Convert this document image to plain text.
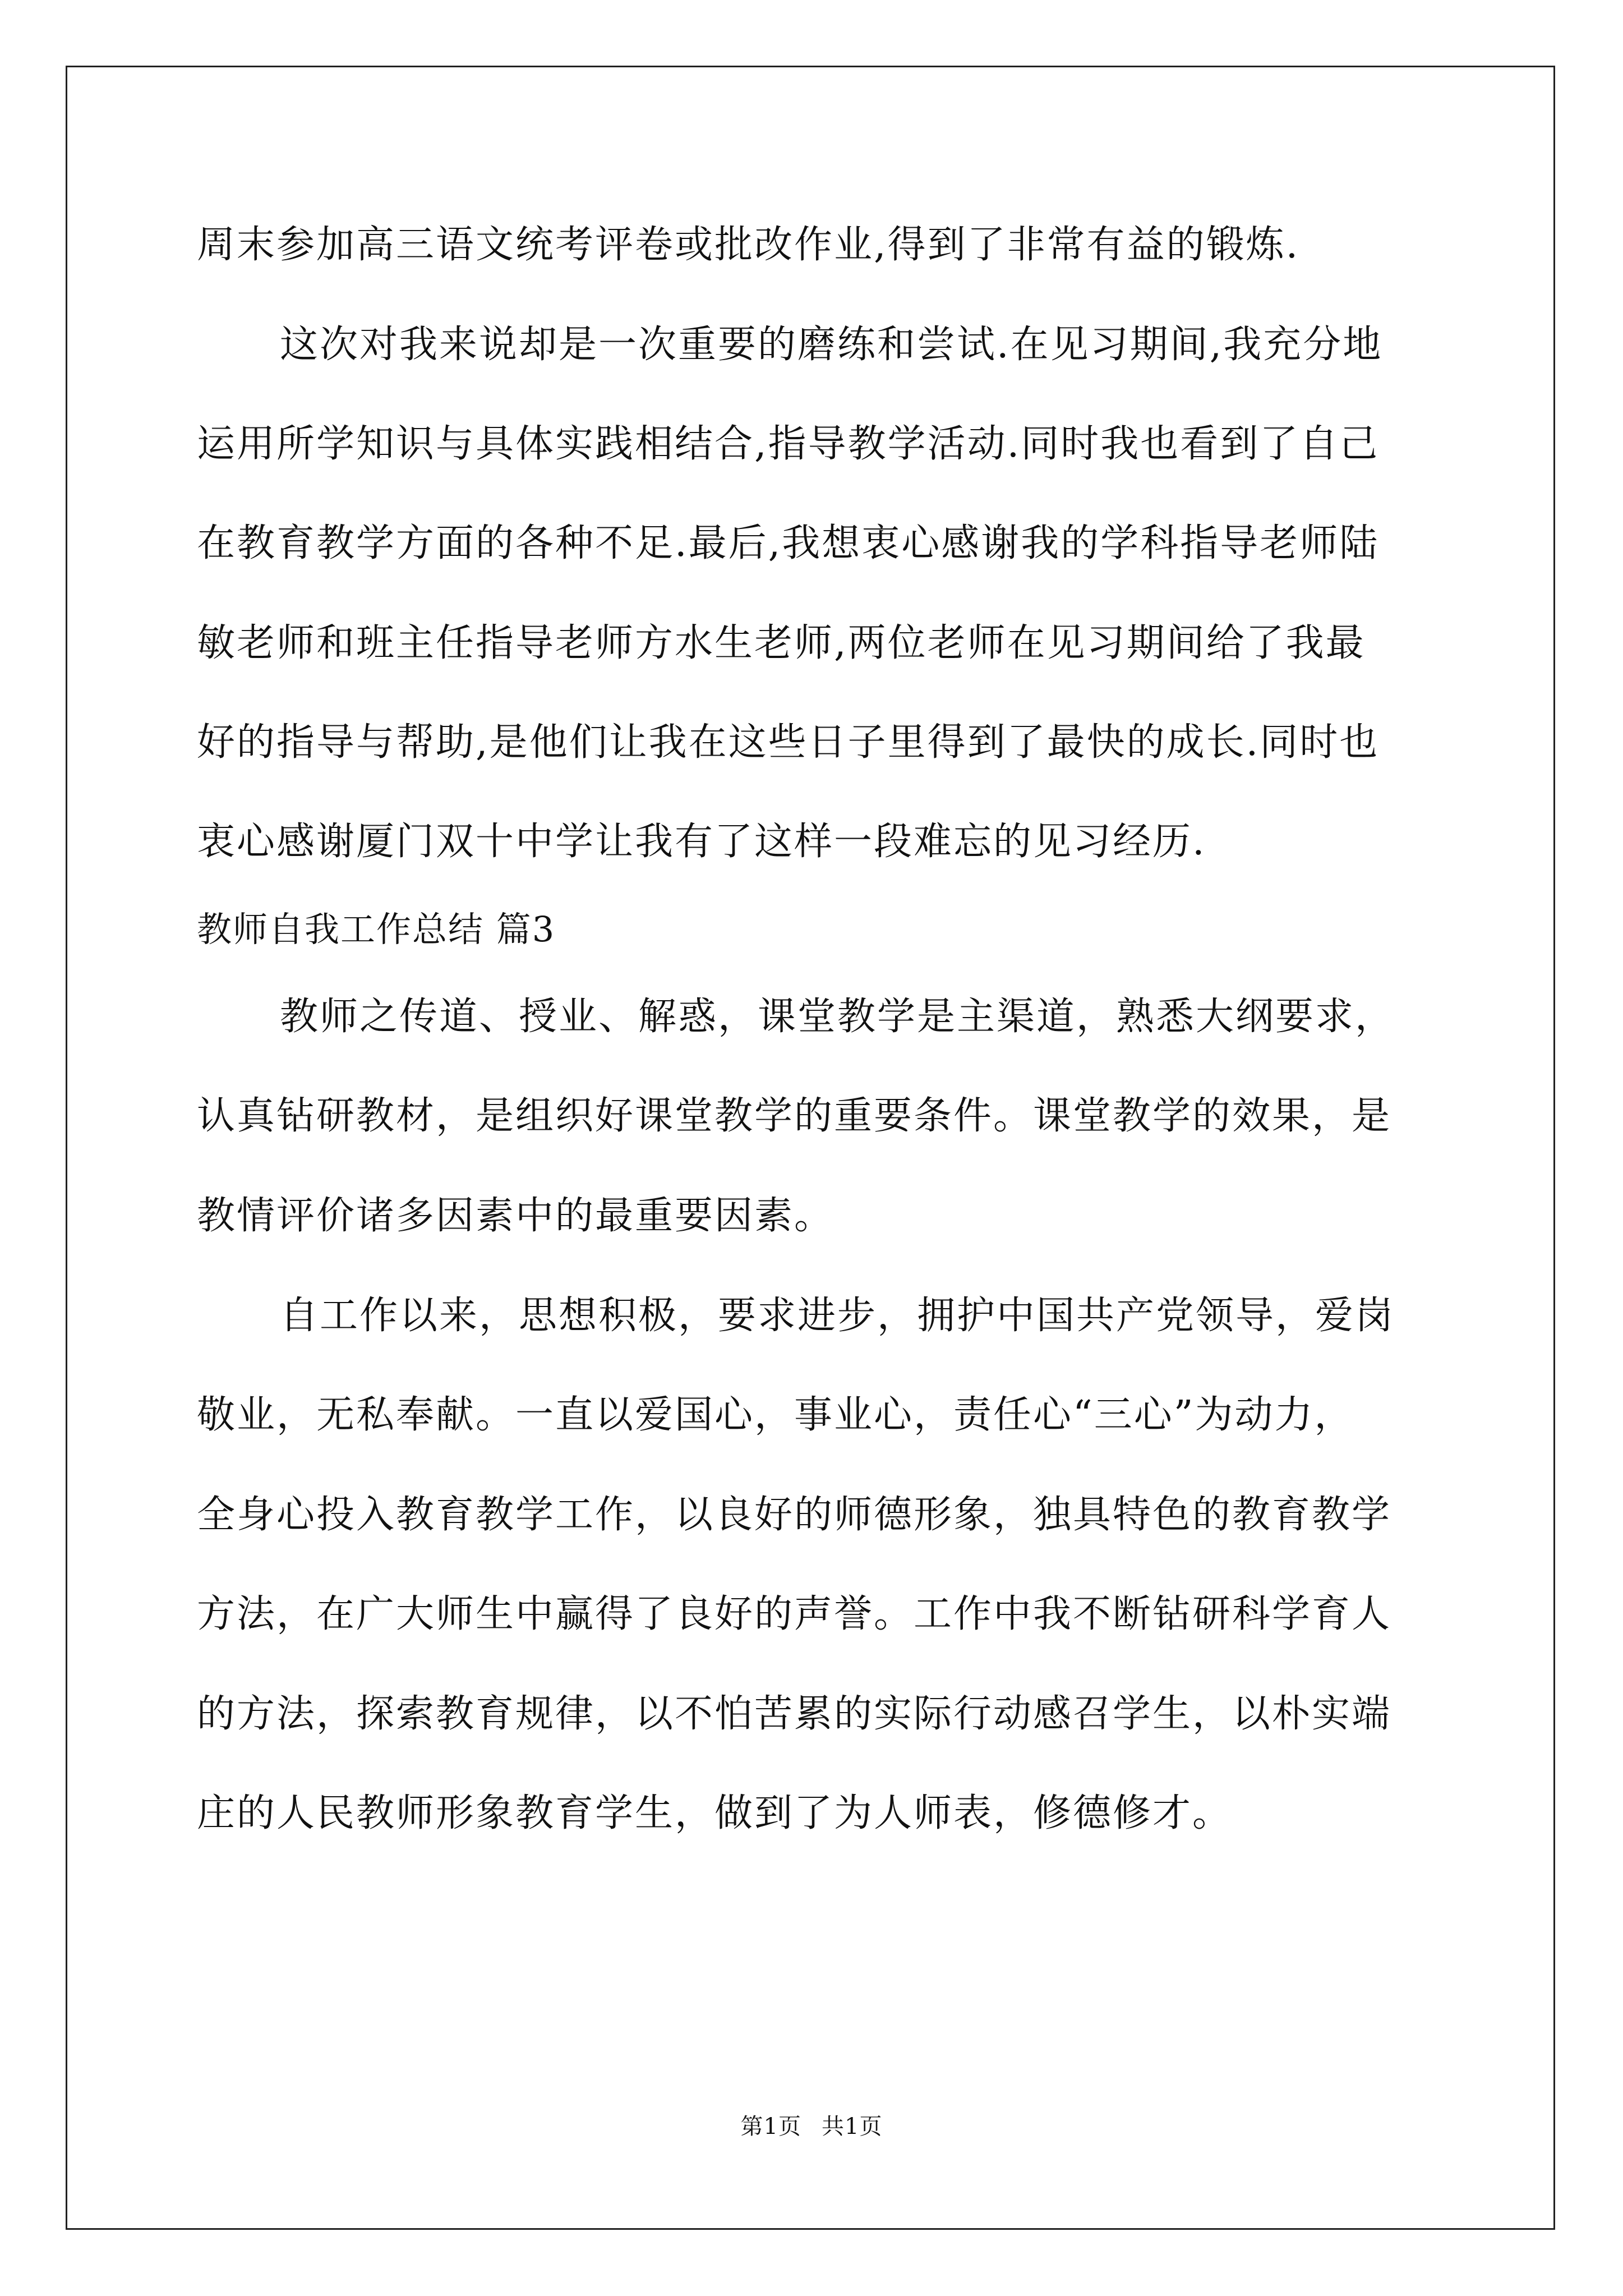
周末参加高三语文统考评卷或批改作业,得到了非常有益的锻炼.
这次对我来说却是一次重要的磨练和尝试.在见习期间,我充分地
运用所学知识与具体实践相结合,指导教学活动.同时我也看到了自己
在教育教学方面的各种不足.最后,我想衷心感谢我的学科指导老师陆
敏老师和班主任指导老师方水生老师,两位老师在见习期间给了我最
好的指导与帮助,是他们让我在这些日子里得到了最快的成长.同时也
衷心感谢厦门双十中学让我有了这样一段难忘的见习经历.
教师自我工作总结 篇3
教师之传道、授业、解惑，课堂教学是主渠道，熟悉大纲要求，
认真钻研教材，是组织好课堂教学的重要条件。课堂教学的效果，是
教情评价诸多因素中的最重要因素。
自工作以来，思想积极，要求进步，拥护中国共产党领导，爱岗
敬业，无私奉献。一直以爱国心，事业心，责任心“三心”为动力，
全身心投入教育教学工作，以良好的师德形象，独具特色的教育教学
方法，在广大师生中赢得了良好的声誉。工作中我不断钻研科学育人
的方法，探索教育规律，以不怕苦累的实际行动感召学生，以朴实端
庄的人民教师形象教育学生，做到了为人师表，修德修才。
第1页 共1页
